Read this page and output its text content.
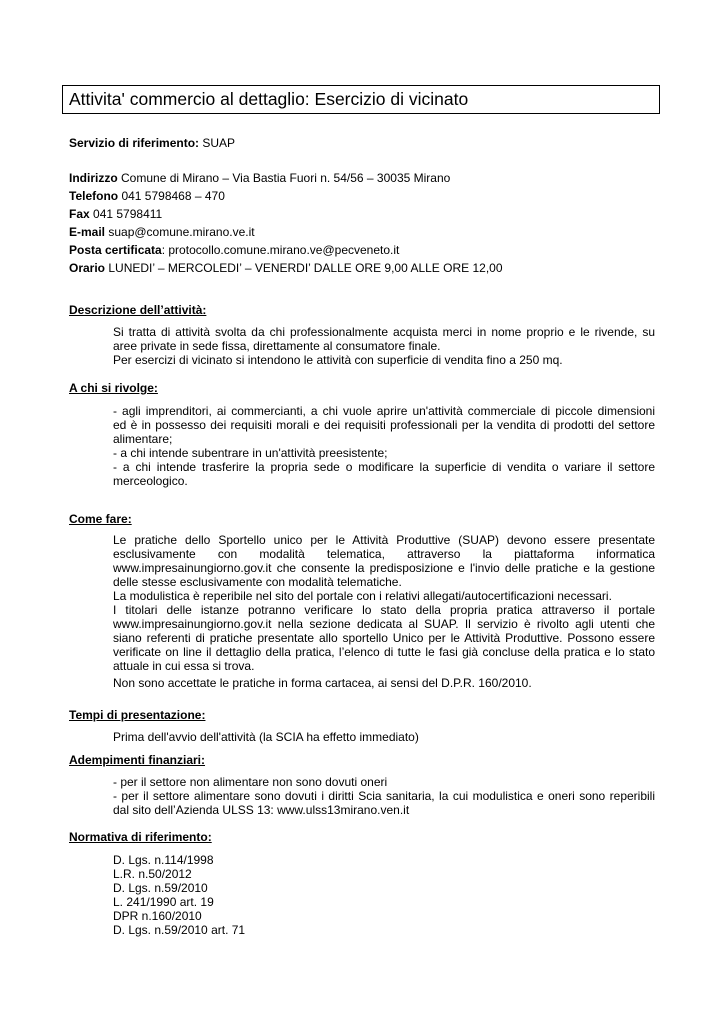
Attivita' commercio al dettaglio: Esercizio di vicinato
Servizio di riferimento: SUAP
Indirizzo Comune di Mirano – Via Bastia Fuori n. 54/56 – 30035 Mirano
Telefono 041 5798468 – 470
Fax 041 5798411
E-mail suap@comune.mirano.ve.it
Posta certificata: protocollo.comune.mirano.ve@pecveneto.it
Orario LUNEDI’ – MERCOLEDI’ – VENERDI’ DALLE ORE 9,00 ALLE ORE 12,00
Descrizione dell’attività:
Si tratta di attività svolta da chi professionalmente acquista merci in nome proprio e le rivende, su
aree private in sede fissa, direttamente al consumatore finale.
Per esercizi di vicinato si intendono le attività con superficie di vendita fino a 250 mq.
A chi si rivolge:
- agli imprenditori, ai commercianti, a chi vuole aprire un'attività commerciale di piccole dimensioni
ed è in possesso dei requisiti morali e dei requisiti professionali per la vendita di prodotti del settore
alimentare;
- a chi intende subentrare in un'attività preesistente;
- a chi intende trasferire la propria sede o modificare la superficie di vendita o variare il settore
merceologico.
Come fare:
Le pratiche dello Sportello unico per le Attività Produttive (SUAP) devono essere presentate
esclusivamente con modalità telematica, attraverso la piattaforma informatica
www.impresainungiorno.gov.it che consente la predisposizione e l'invio delle pratiche e la gestione
delle stesse esclusivamente con modalità telematiche.
La modulistica è reperibile nel sito del portale con i relativi allegati/autocertificazioni necessari.
I titolari delle istanze potranno verificare lo stato della propria pratica attraverso il portale
www.impresainungiorno.gov.it nella sezione dedicata al SUAP. Il servizio è rivolto agli utenti che
siano referenti di pratiche presentate allo sportello Unico per le Attività Produttive. Possono essere
verificate on line il dettaglio della pratica, l’elenco di tutte le fasi già concluse della pratica e lo stato
attuale in cui essa si trova.
Non sono accettate le pratiche in forma cartacea, ai sensi del D.P.R. 160/2010.
Tempi di presentazione:
Prima dell'avvio dell'attività (la SCIA ha effetto immediato)
Adempimenti finanziari:
- per il settore non alimentare non sono dovuti oneri
- per il settore alimentare sono dovuti i diritti Scia sanitaria, la cui modulistica e oneri sono reperibili
dal sito dell’Azienda ULSS 13: www.ulss13mirano.ven.it
Normativa di riferimento:
D. Lgs. n.114/1998
L.R. n.50/2012
D. Lgs. n.59/2010
L. 241/1990 art. 19
DPR n.160/2010
D. Lgs. n.59/2010 art. 71
